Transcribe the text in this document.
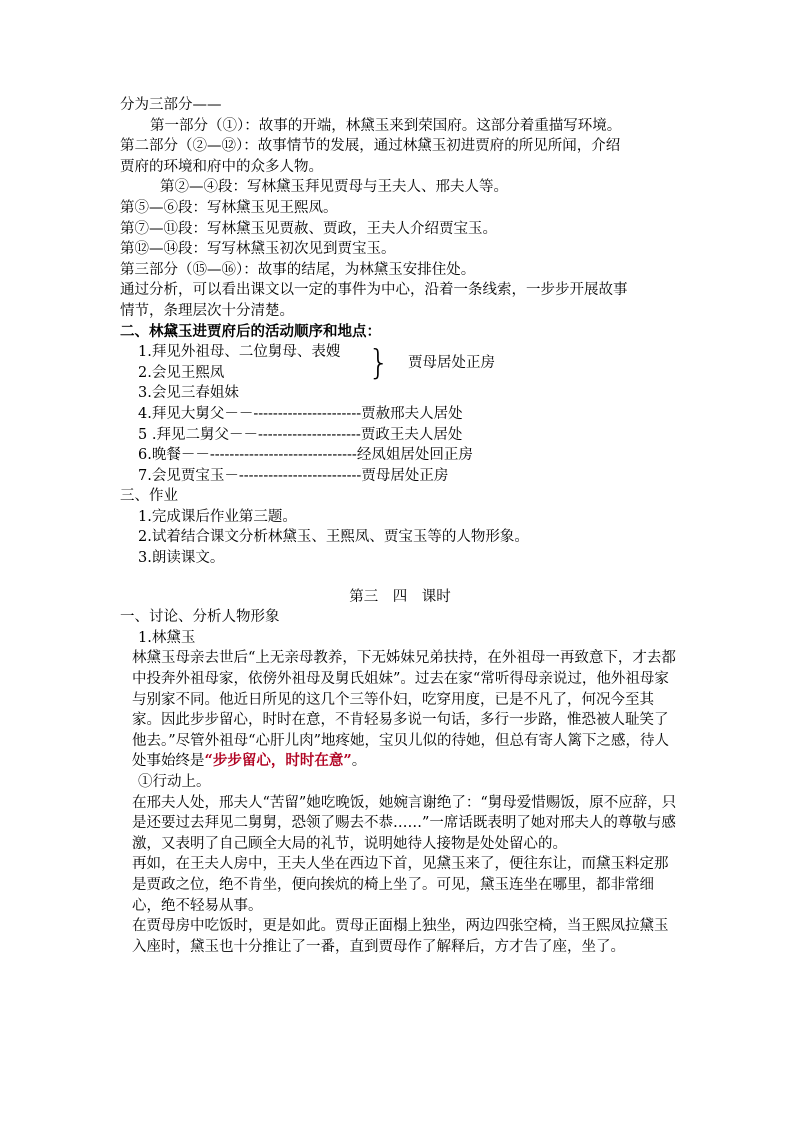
分为三部分——
第一部分（①）：故事的开端，林黛玉来到荣国府。这部分着重描写环境。
第二部分（②—⑫）：故事情节的发展，通过林黛玉初进贾府的所见所闻，介绍
贾府的环境和府中的众多人物。
第②—④段：写林黛玉拜见贾母与王夫人、邢夫人等。
第⑤—⑥段：写林黛玉见王熙凤。
第⑦—⑪段：写林黛玉见贾赦、贾政，王夫人介绍贾宝玉。
第⑫—⑭段：写写林黛玉初次见到贾宝玉。
第三部分（⑮—⑯）：故事的结尾，为林黛玉安排住处。
通过分析，可以看出课文以一定的事件为中心，沿着一条线索，一步步开展故事
情节，条理层次十分清楚。
二、林黛玉进贾府后的活动顺序和地点：
1.拜见外祖母、二位舅母、表嫂
2.会见王熙凤
3.会见三春姐妹
} 贾母居处正房
4.拜见大舅父－－----------------------贾赦邢夫人居处
5 .拜见二舅父－－---------------------贾政王夫人居处
6.晚餐－－------------------------------经凤姐居处回正房
7.会见贾宝玉－-------------------------贾母居处正房
三、作业
1.完成课后作业第三题。
2.试着结合课文分析林黛玉、王熙凤、贾宝玉等的人物形象。
3.朗读课文。
第三　四　课时
一、讨论、分析人物形象
1.林黛玉

林黛玉母亲去世后“上无亲母教养，下无姊妹兄弟扶持，在外祖母一再致意下，才去都中投奔外祖母家，依傍外祖母及舅氏姐妹”。过去在家“常听得母亲说过，他外祖母家与别家不同。他近日所见的这几个三等仆妇，吃穿用度，已是不凡了，何况今至其家。因此步步留心，时时在意，不肯轻易多说一句话，多行一步路，惟恐被人耻笑了他去。”尽管外祖母“心肝儿肉”地疼她，宝贝儿似的待她，但总有寄人篱下之感，待人处事始终是“步步留心，时时在意”。

①行动上。

在邢夫人处，邢夫人“苦留”她吃晚饭，她婉言谢绝了：“舅母爱惜赐饭，原不应辞，只是还要过去拜见二舅舅，恐领了赐去不恭……”一席话既表明了她对邢夫人的尊敬与感激，又表明了自己顾全大局的礼节，说明她待人接物是处处留心的。

再如，在王夫人房中，王夫人坐在西边下首，见黛玉来了，便往东让，而黛玉料定那是贾政之位，绝不肯坐，便向挨炕的椅上坐了。可见，黛玉连坐在哪里，都非常细心，绝不轻易从事。

在贾母房中吃饭时，更是如此。贾母正面榻上独坐，两边四张空椅，当王熙凤拉黛玉入座时，黛玉也十分推让了一番，直到贾母作了解释后，方才告了座，坐了。
